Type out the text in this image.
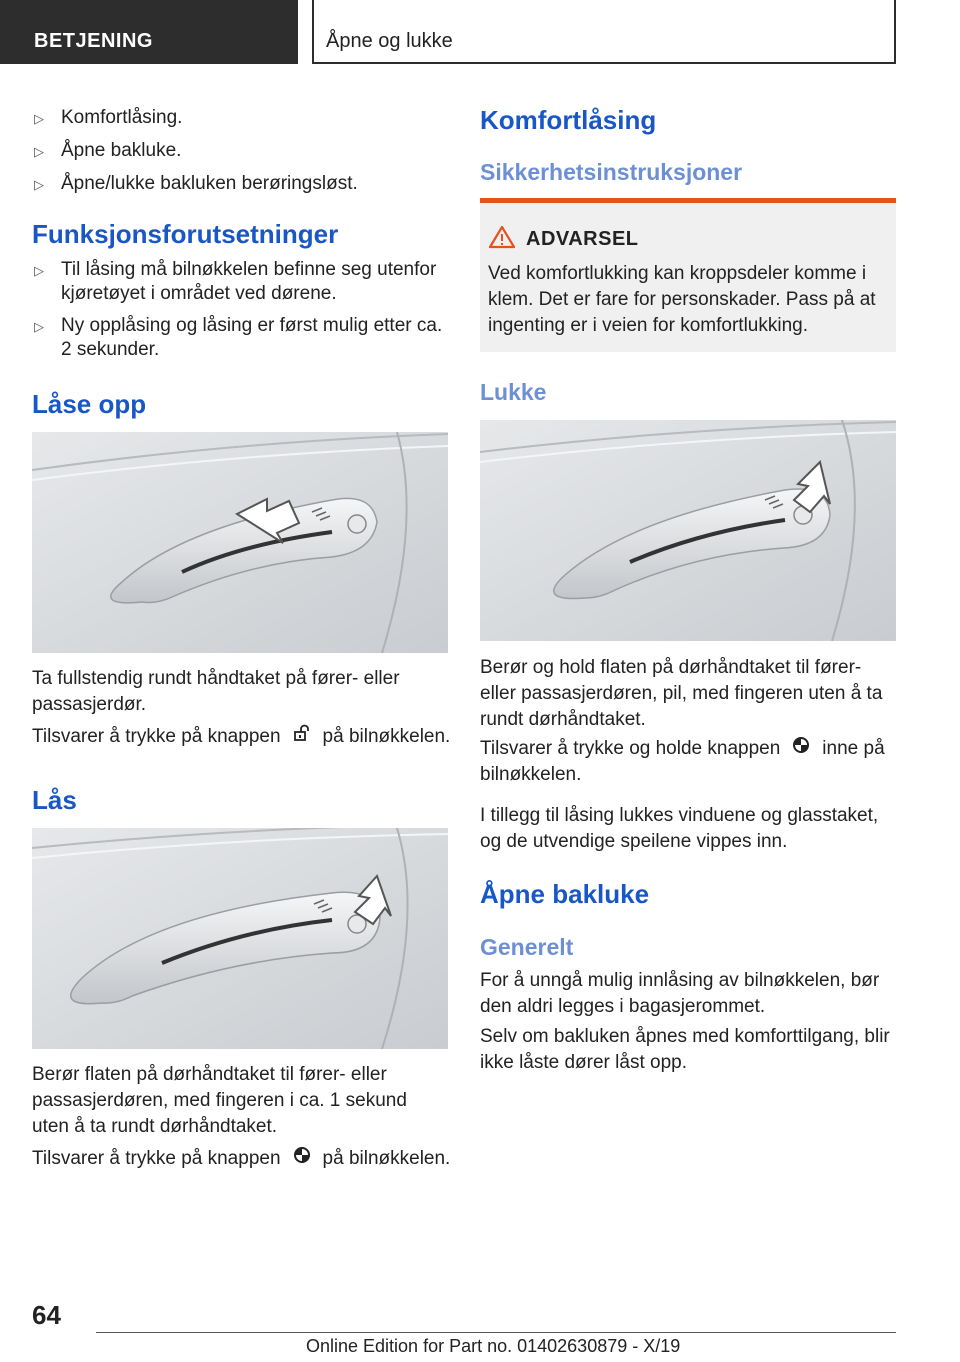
BETJENING	Åpne og lukke
▷ Komfortlåsing.
▷ Åpne bakluke.
▷ Åpne/lukke bakluken berøringsløst.
Funksjonsforutsetninger
▷ Til låsing må bilnøkkelen befinne seg utenfor kjøretøyet i området ved dørene.
▷ Ny opplåsing og låsing er først mulig etter ca. 2 sekunder.
Låse opp
Ta fullstendig rundt håndtaket på fører- eller passasjerdør.
Tilsvarer å trykke på knappen på bilnøkkelen.
Lås
Berør flaten på dørhåndtaket til fører- eller passasjerdøren, med fingeren i ca. 1 sekund uten å ta rundt dørhåndtaket.
Tilsvarer å trykke på knappen på bilnøkkelen.
Komfortlåsing
Sikkerhetsinstruksjoner
ADVARSEL
Ved komfortlukking kan kroppsdeler komme i klem. Det er fare for personskader. Pass på at ingenting er i veien for komfortlukking.
Lukke
Berør og hold flaten på dørhåndtaket til fører- eller passasjerdøren, pil, med fingeren uten å ta rundt dørhåndtaket.
Tilsvarer å trykke og holde knappen inne på bilnøkkelen.
I tillegg til låsing lukkes vinduene og glasstaket, og de utvendige speilene vippes inn.
Åpne bakluke
Generelt
For å unngå mulig innlåsing av bilnøkkelen, bør den aldri legges i bagasjerommet.
Selv om bakluken åpnes med komforttilgang, blir ikke låste dører låst opp.
64
Online Edition for Part no. 01402630879 - X/19
